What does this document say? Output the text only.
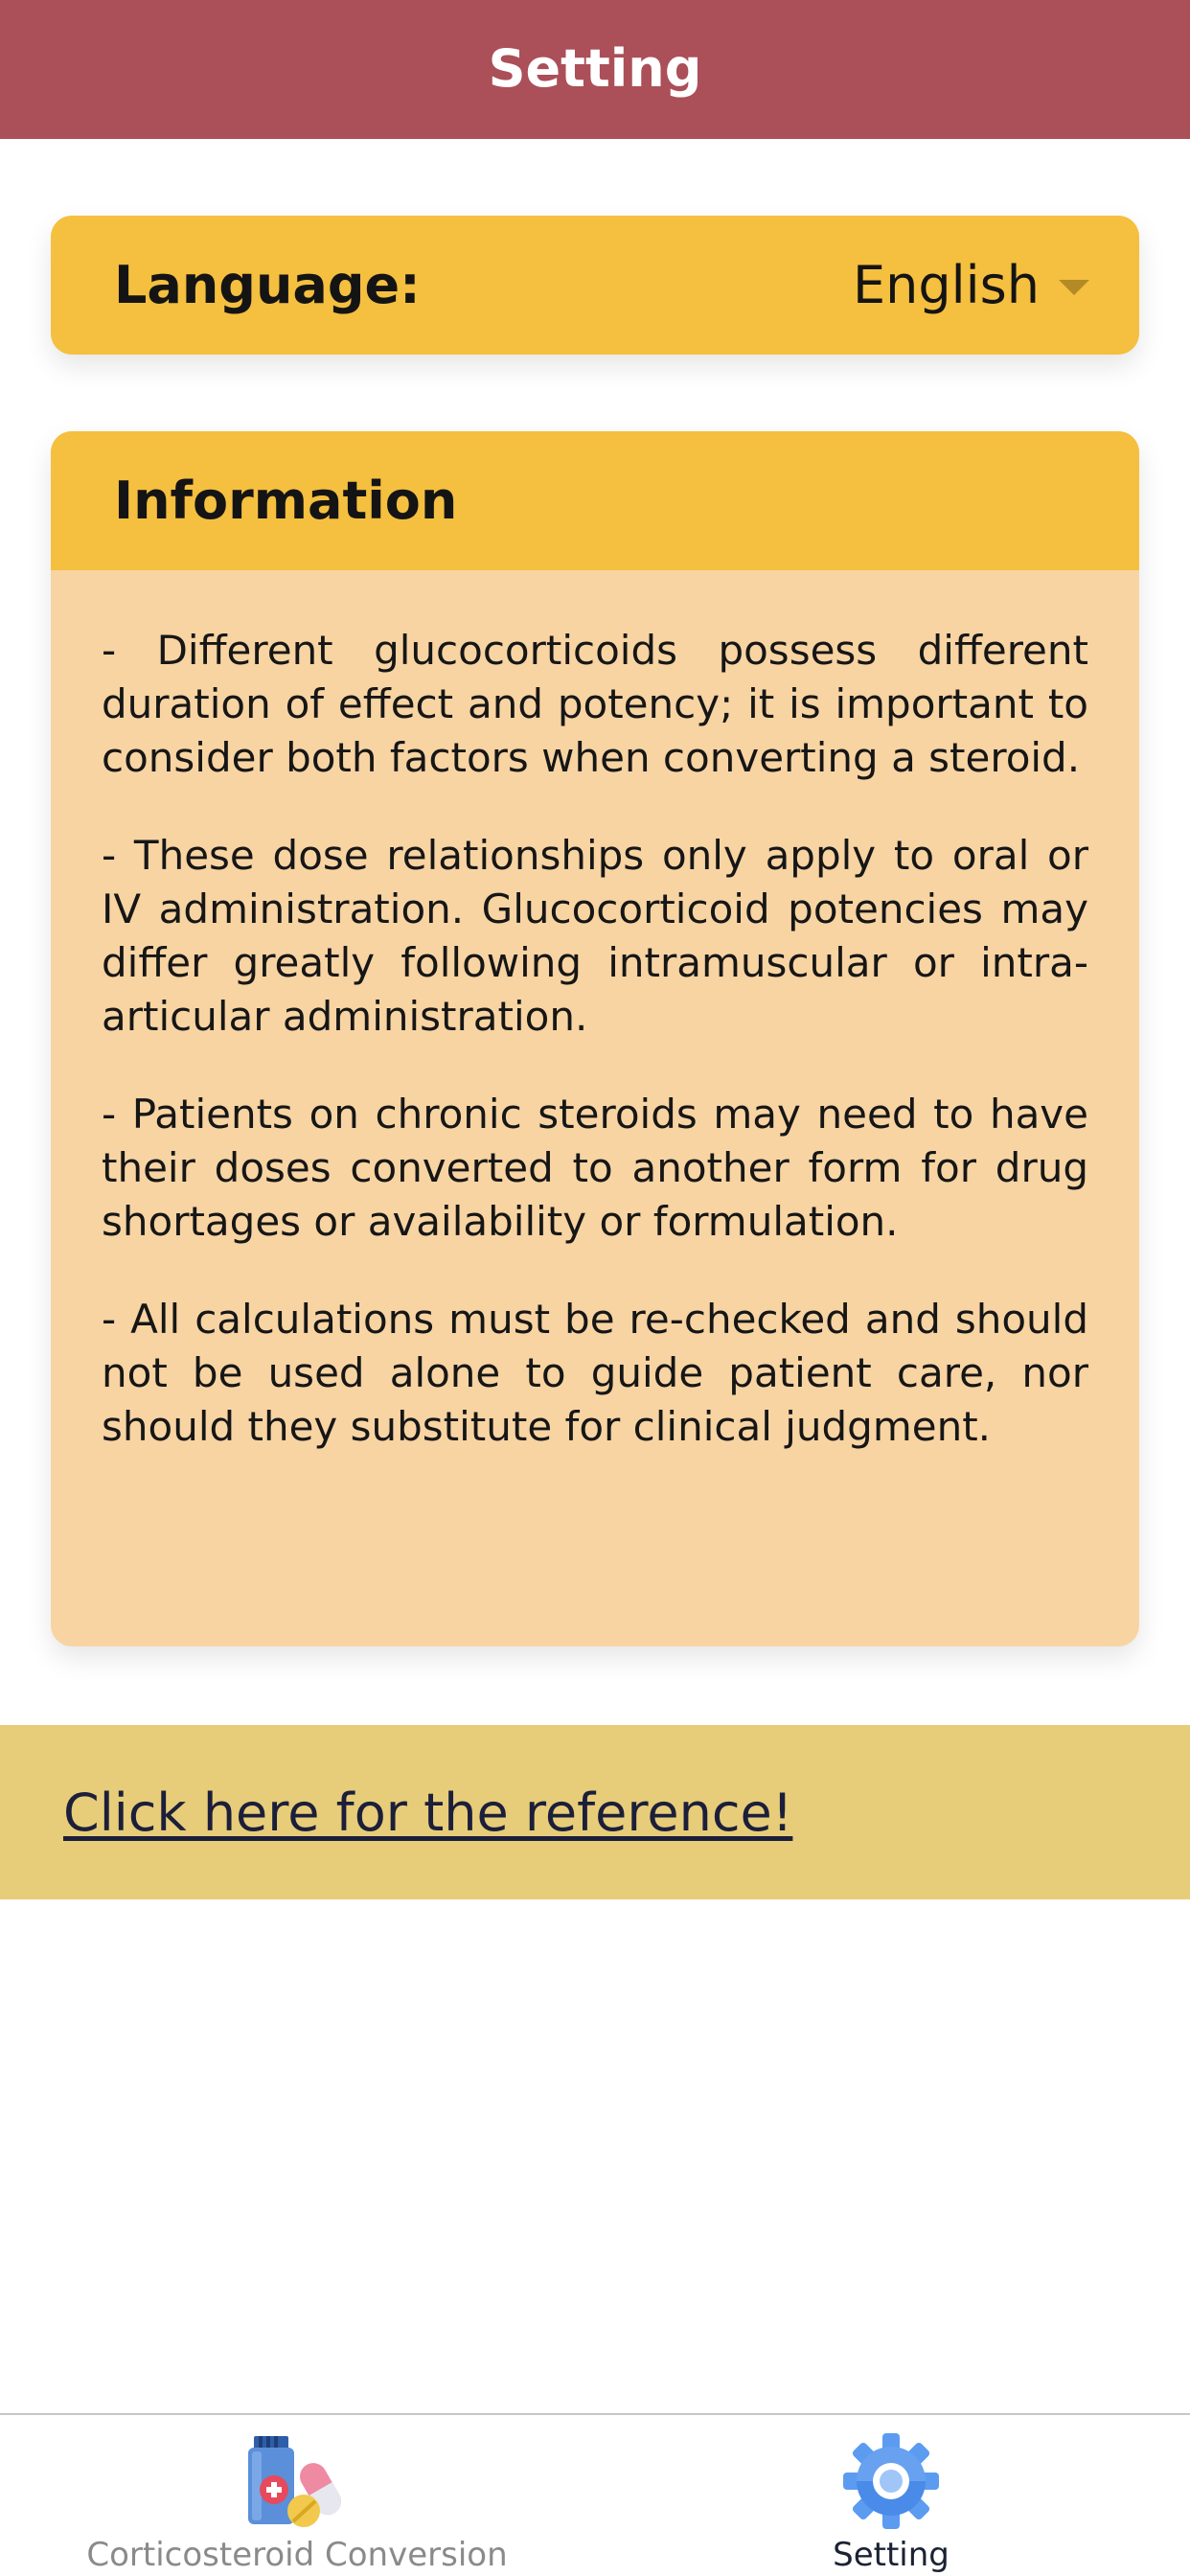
Setting
Language:	English
Information

- Different glucocorticoids possess different duration of effect and potency; it is important to consider both factors when converting a steroid.

- These dose relationships only apply to oral or IV administration. Glucocorticoid potencies may differ greatly following intramuscular or intra-articular administration.

- Patients on chronic steroids may need to have their doses converted to another form for drug shortages or availability or formulation.

- All calculations must be re-checked and should not be used alone to guide patient care, nor should they substitute for clinical judgment.

Click here for the reference!
Corticosteroid Conversion	Setting
